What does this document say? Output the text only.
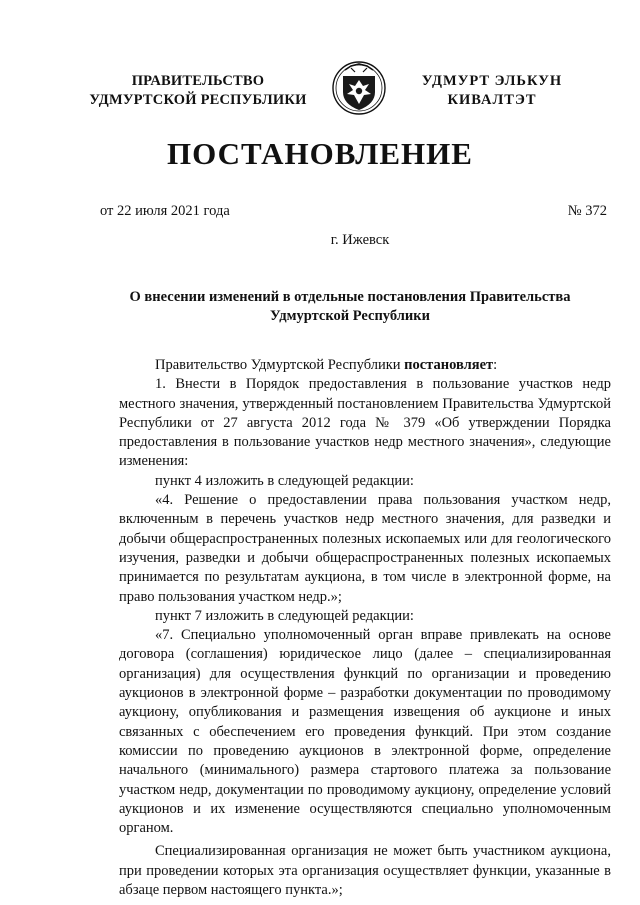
ПРАВИТЕЛЬСТВО
УДМУРТСКОЙ РЕСПУБЛИКИ
УДМУРТ ЭЛЬКУН
КИВАЛТЭТ
ПОСТАНОВЛЕНИЕ
от 22 июля 2021 года	№ 372
г. Ижевск
О внесении изменений в отдельные постановления Правительства
Удмуртской Республики

Правительство Удмуртской Республики постановляет:

1. Внести в Порядок предоставления в пользование участков недр местного значения, утвержденный постановлением Правительства Удмуртской Республики от 27 августа 2012 года № 379 «Об утверждении Порядка предоставления в пользование участков недр местного значения», следующие изменения:

пункт 4 изложить в следующей редакции:

«4. Решение о предоставлении права пользования участком недр, включенным в перечень участков недр местного значения, для разведки и добычи общераспространенных полезных ископаемых или для геологического изучения, разведки и добычи общераспространенных полезных ископаемых принимается по результатам аукциона, в том числе в электронной форме, на право пользования участком недр.»;

пункт 7 изложить в следующей редакции:

«7. Специально уполномоченный орган вправе привлекать на основе договора (соглашения) юридическое лицо (далее – специализированная организация) для осуществления функций по организации и проведению аукционов в электронной форме – разработки документации по проводимому аукциону, опубликования и размещения извещения об аукционе и иных связанных с обеспечением его проведения функций. При этом создание комиссии по проведению аукционов в электронной форме, определение начального (минимального) размера стартового платежа за пользование участком недр, документации по проводимому аукциону, определение условий аукционов и их изменение осуществляются специально уполномоченным органом.

Специализированная организация не может быть участником аукциона, при проведении которых эта организация осуществляет функции, указанные в абзаце первом настоящего пункта.»;
